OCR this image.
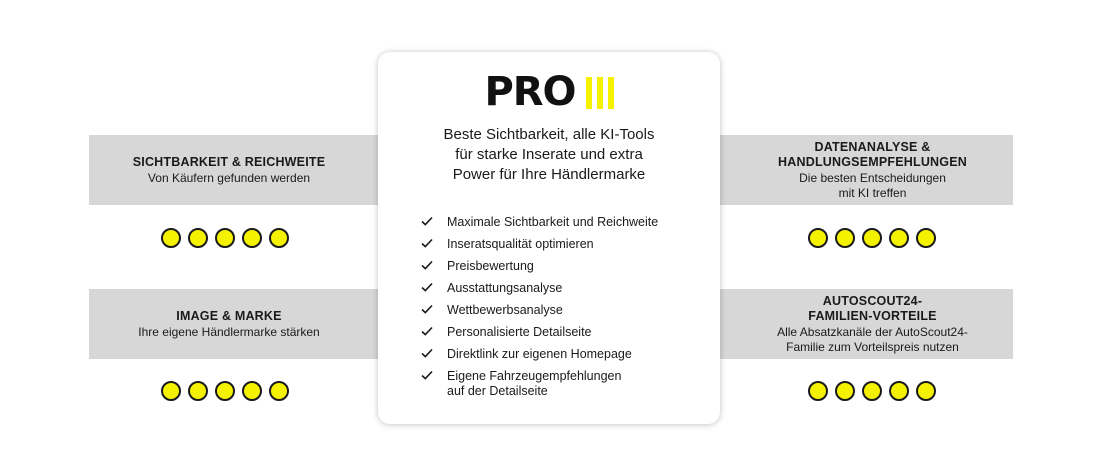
SICHTBARKEIT & REICHWEITE
Von Käufern gefunden werden
DATENANALYSE &
HANDLUNGSEMPFEHLUNGEN
Die besten Entscheidungen
mit KI treffen
IMAGE & MARKE
Ihre eigene Händlermarke stärken
AUTOSCOUT24-
FAMILIEN-VORTEILE
Alle Absatzkanäle der AutoScout24-
Familie zum Vorteilspreis nutzen
PRO
Beste Sichtbarkeit, alle KI-Tools
für starke Inserate und extra
Power für Ihre Händlermarke
Maximale Sichtbarkeit und Reichweite
Inseratsqualität optimieren
Preisbewertung
Ausstattungsanalyse
Wettbewerbsanalyse
Personalisierte Detailseite
Direktlink zur eigenen Homepage
Eigene Fahrzeugempfehlungen
auf der Detailseite
